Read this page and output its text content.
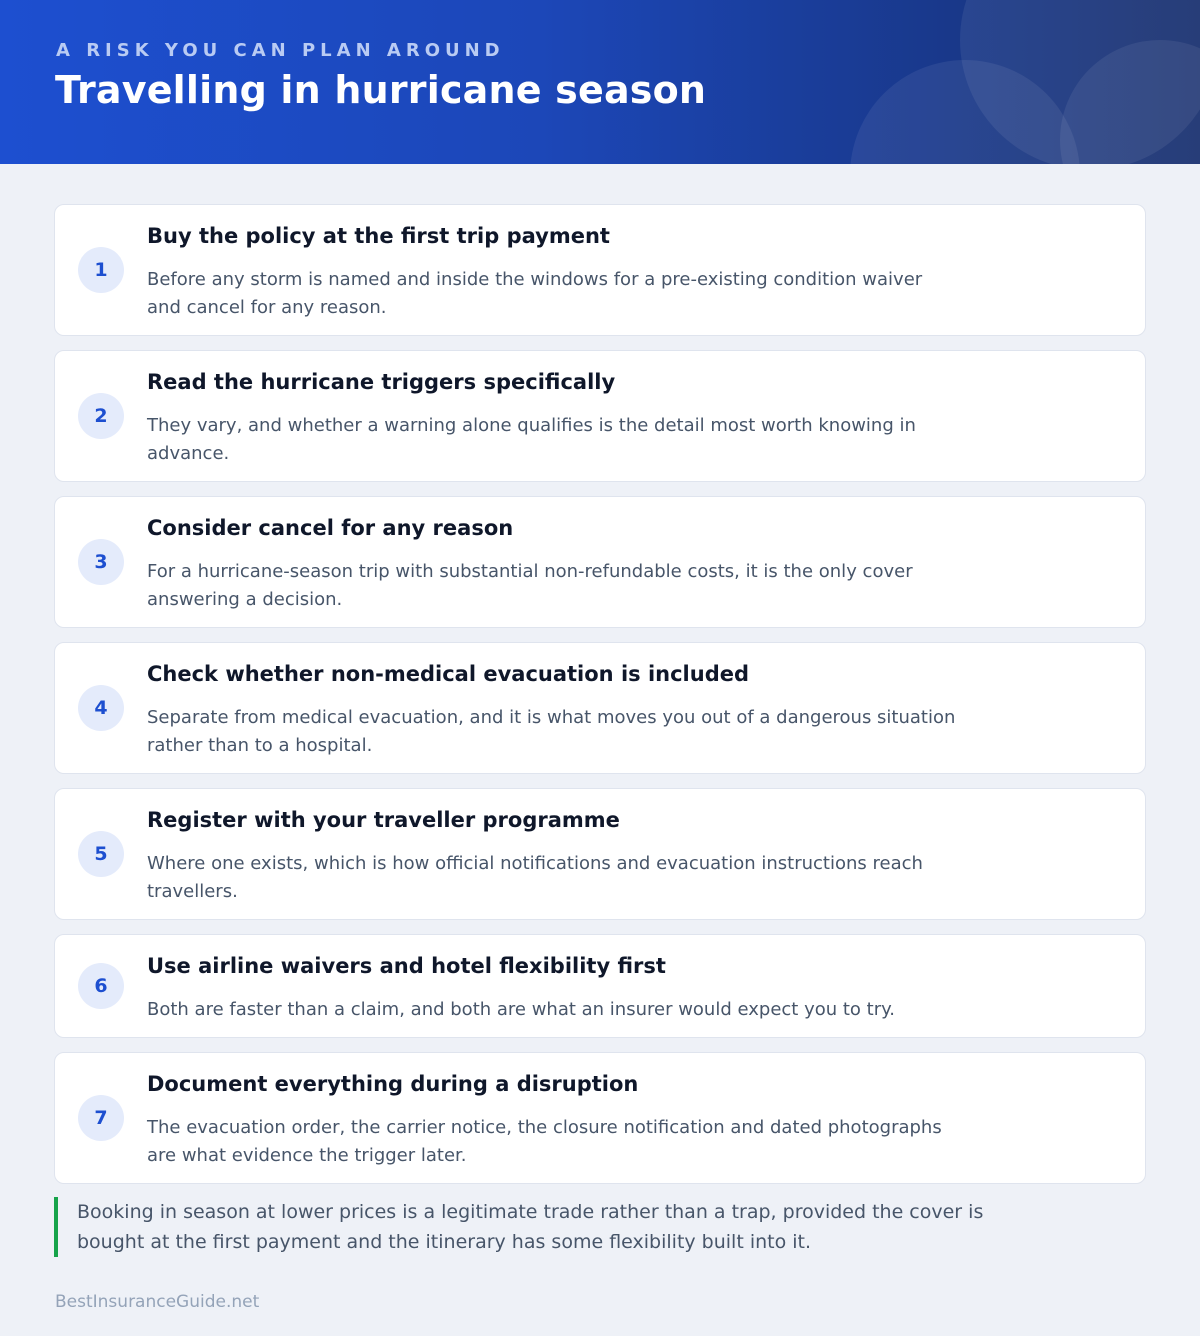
A RISK YOU CAN PLAN AROUND
Travelling in hurricane season
1
Buy the policy at the first trip payment
Before any storm is named and inside the windows for a pre-existing condition waiver and cancel for any reason.
2
Read the hurricane triggers specifically
They vary, and whether a warning alone qualifies is the detail most worth knowing in advance.
3
Consider cancel for any reason
For a hurricane-season trip with substantial non-refundable costs, it is the only cover answering a decision.
4
Check whether non-medical evacuation is included
Separate from medical evacuation, and it is what moves you out of a dangerous situation rather than to a hospital.
5
Register with your traveller programme
Where one exists, which is how official notifications and evacuation instructions reach travellers.
6
Use airline waivers and hotel flexibility first
Both are faster than a claim, and both are what an insurer would expect you to try.
7
Document everything during a disruption
The evacuation order, the carrier notice, the closure notification and dated photographs are what evidence the trigger later.
Booking in season at lower prices is a legitimate trade rather than a trap, provided the cover is bought at the first payment and the itinerary has some flexibility built into it.
BestInsuranceGuide.net
